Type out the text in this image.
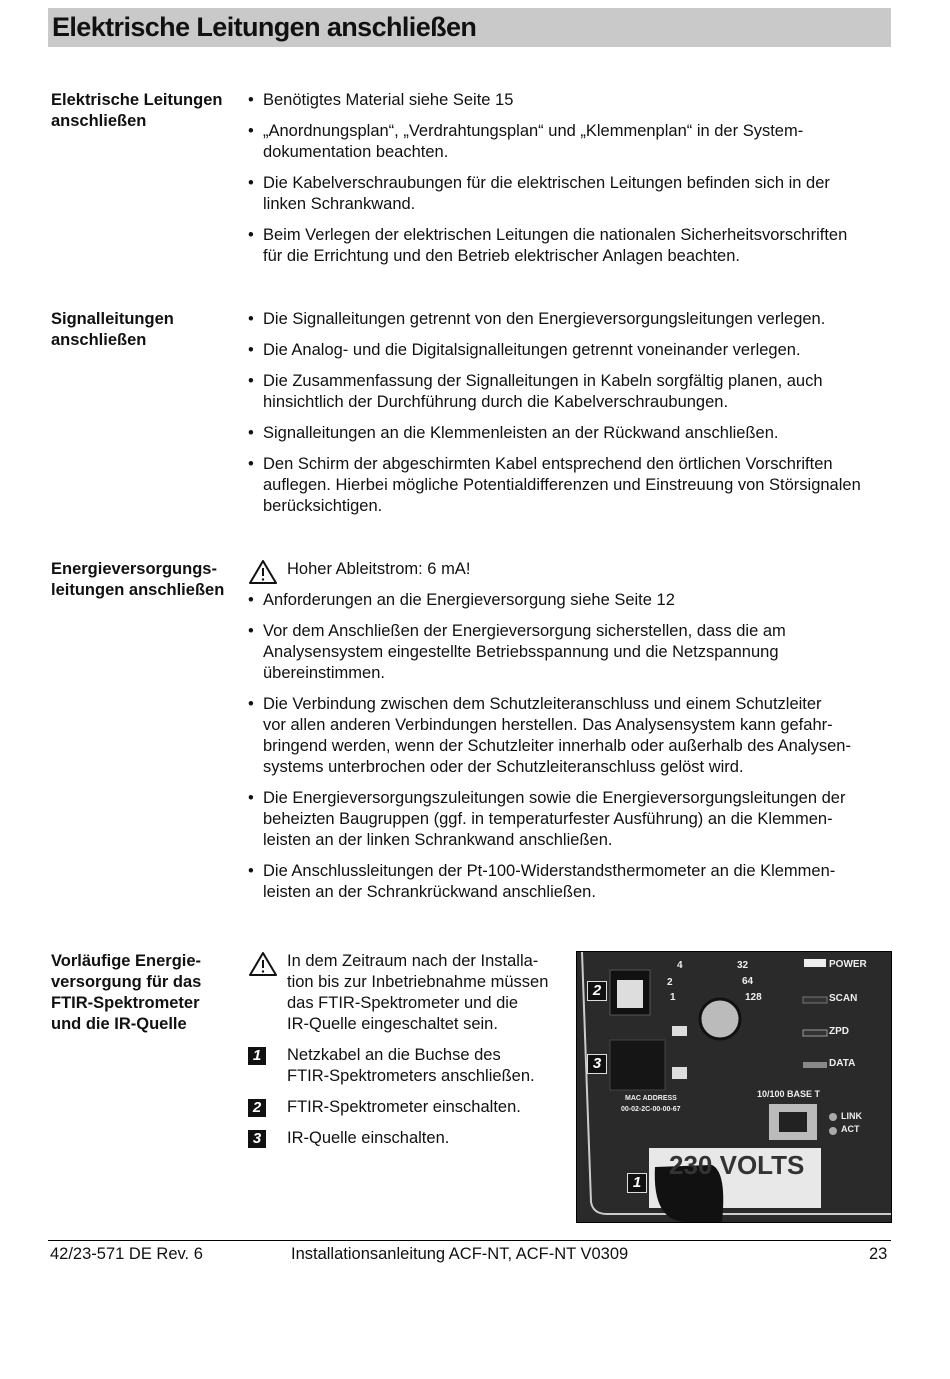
Elektrische Leitungen anschließen
Elektrische Leitungen
anschließen
• Benötigtes Material siehe Seite 15
• „Anordnungsplan“, „Verdrahtungsplan“ und „Klemmenplan“ in der System-
dokumentation beachten.
• Die Kabelverschraubungen für die elektrischen Leitungen befinden sich in der
linken Schrankwand.
• Beim Verlegen der elektrischen Leitungen die nationalen Sicherheitsvorschriften
für die Errichtung und den Betrieb elektrischer Anlagen beachten.
Signalleitungen
anschließen
• Die Signalleitungen getrennt von den Energieversorgungsleitungen verlegen.
• Die Analog- und die Digitalsignalleitungen getrennt voneinander verlegen.
• Die Zusammenfassung der Signalleitungen in Kabeln sorgfältig planen, auch
hinsichtlich der Durchführung durch die Kabelverschraubungen.
• Signalleitungen an die Klemmenleisten an der Rückwand anschließen.
• Den Schirm der abgeschirmten Kabel entsprechend den örtlichen Vorschriften
auflegen. Hierbei mögliche Potentialdifferenzen und Einstreuung von Störsignalen
berücksichtigen.
Energieversorgungs-
leitungen anschließen
Hoher Ableitstrom: 6 mA!
• Anforderungen an die Energieversorgung siehe Seite 12
• Vor dem Anschließen der Energieversorgung sicherstellen, dass die am
Analysensystem eingestellte Betriebsspannung und die Netzspannung
übereinstimmen.
• Die Verbindung zwischen dem Schutzleiteranschluss und einem Schutzleiter
vor allen anderen Verbindungen herstellen. Das Analysensystem kann gefahr-
bringend werden, wenn der Schutzleiter innerhalb oder außerhalb des Analysen-
systems unterbrochen oder der Schutzleiteranschluss gelöst wird.
• Die Energieversorgungszuleitungen sowie die Energieversorgungsleitungen der
beheizten Baugruppen (ggf. in temperaturfester Ausführung) an die Klemmen-
leisten an der linken Schrankwand anschließen.
• Die Anschlussleitungen der Pt-100-Widerstandsthermometer an die Klemmen-
leisten an der Schrankrückwand anschließen.
Vorläufige Energie-
versorgung für das
FTIR-Spektrometer
und die IR-Quelle
In dem Zeitraum nach der Installa-
tion bis zur Inbetriebnahme müssen
das FTIR-Spektrometer und die
IR-Quelle eingeschaltet sein.
1 Netzkabel an die Buchse des
FTIR-Spektrometers anschließen.
2 FTIR-Spektrometer einschalten.
3 IR-Quelle einschalten.
4
2
1
32
64
128
POWER
SCAN
ZPD
DATA
10/100 BASE T
LINK
ACT
MAC ADDRESS
00-02-2C-00-00-67
230 VOLTS
2
3
1
42/23-571 DE Rev. 6	Installationsanleitung ACF-NT, ACF-NT V0309	23
